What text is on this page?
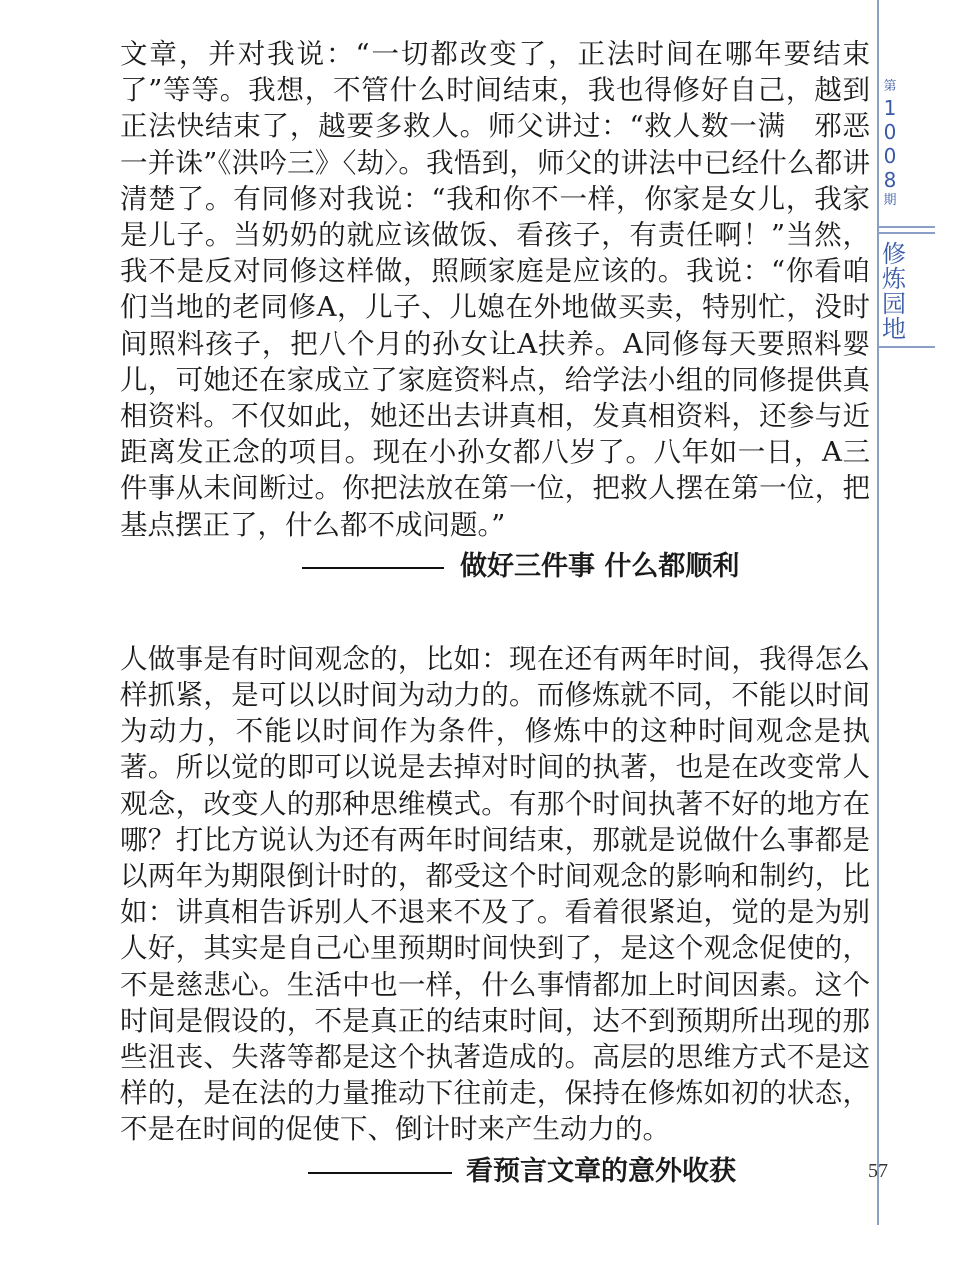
文章，并对我说：“一切都改变了，正法时间在哪年要结束了”等等。我想，不管什么时间结束，我也得修好自己，越到正法快结束了，越要多救人。师父讲过：“救人数一满　邪恶一并诛”《洪吟三》〈劫〉。我悟到，师父的讲法中已经什么都讲清楚了。有同修对我说：“我和你不一样，你家是女儿，我家是儿子。当奶奶的就应该做饭、看孩子，有责任啊！”当然，我不是反对同修这样做，照顾家庭是应该的。我说：“你看咱们当地的老同修A，儿子、儿媳在外地做买卖，特别忙，没时间照料孩子，把八个月的孙女让A扶养。A同修每天要照料婴儿，可她还在家成立了家庭资料点，给学法小组的同修提供真相资料。不仅如此，她还出去讲真相，发真相资料，还参与近距离发正念的项目。现在小孙女都八岁了。八年如一日，A三件事从未间断过。你把法放在第一位，把救人摆在第一位，把基点摆正了，什么都不成问题。”

做好三件事 什么都顺利

人做事是有时间观念的，比如：现在还有两年时间，我得怎么样抓紧，是可以以时间为动力的。而修炼就不同，不能以时间为动力，不能以时间作为条件，修炼中的这种时间观念是执著。所以觉的即可以说是去掉对时间的执著，也是在改变常人观念，改变人的那种思维模式。有那个时间执著不好的地方在哪？打比方说认为还有两年时间结束，那就是说做什么事都是以两年为期限倒计时的，都受这个时间观念的影响和制约，比如：讲真相告诉别人不退来不及了。看着很紧迫，觉的是为别人好，其实是自己心里预期时间快到了，是这个观念促使的，不是慈悲心。生活中也一样，什么事情都加上时间因素。这个时间是假设的，不是真正的结束时间，达不到预期所出现的那些沮丧、失落等都是这个执著造成的。高层的思维方式不是这样的，是在法的力量推动下往前走，保持在修炼如初的状态，不是在时间的促使下、倒计时来产生动力的。

看预言文章的意外收获
第
1
0
0
8
期
修
炼
园
地
57
